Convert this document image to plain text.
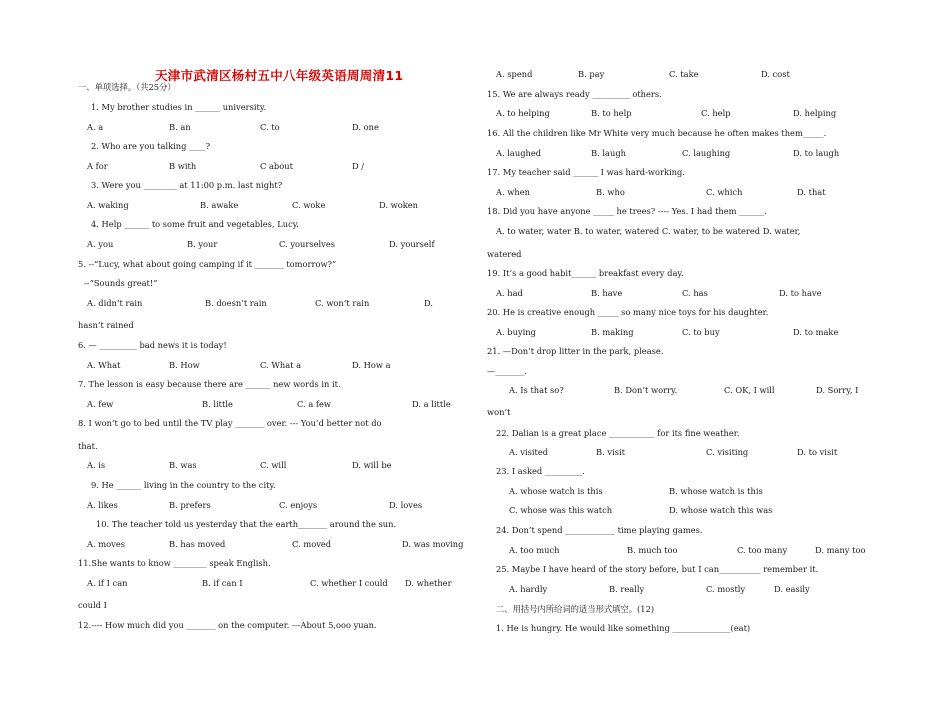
天津市武清区杨村五中八年级英语周周清11
一、单项选择。（共25分）
1. My brother studies in ______ university.
A. a	B. an	C. to	D. one
2. Who are you talking ____?
A for	B with	C about	D /
3. Were you ________ at 11:00 p.m. last night?
A. waking	B. awake	C. woke	D. woken
4. Help ______ to some fruit and vegetables, Lucy.
A. you	B. your	C. yourselves	D. yourself
5. --“Lucy, what about going camping if it _______ tomorrow?”
--“Sounds great!”
A. didn’t rain	B. doesn’t rain	C. won’t rain	D.
hasn’t rained
6. — _________ bad news it is today!
A. What	B. How	C. What a	D. How a
7. The lesson is easy because there are ______ new words in it.
A. few	B. little	C. a few	D. a little
8. I won’t go to bed until the TV play _______ over. --- You’d better not do
that.
A. is	B. was	C. will	D. will be
9. He ______ living in the country to the city.
A. likes	B. prefers	C. enjoys	D. loves
10. The teacher told us yesterday that the earth_______ around the sun.
A. moves	B. has moved	C. moved	D. was moving
11.She wants to know ________ speak English.
A. if I can	B. if can I	C. whether I could D. whether
could I
12.---- How much did you _______ on the computer. ---About 5,ooo yuan.
A. spend	B. pay	C. take	D. cost
15. We are always ready _________ others.
A. to helping	B. to help	C. help	D. helping
16. All the children like Mr White very much because he often makes them_____.
A. laughed	B. laugh	C. laughing	D. to laugh
17. My teacher said ______ I was hard-working.
A. when	B. who	C. which	D. that
18. Did you have anyone _____ he trees? ---- Yes. I had them ______.
A. to water, water B. to water, watered C. water, to be watered D. water,
watered
19. It’s a good habit______ breakfast every day.
A. had	B. have	C. has	D. to have
20. He is creative enough _____ so many nice toys for his daughter.
A. buying	B. making	C. to buy	D. to make
21. —Don’t drop litter in the park, please.
—_______.
A. Is that so?	B. Don’t worry.	C. OK, I will	D. Sorry, I
won’t
22. Dalian is a great place ___________ for its fine weather.
A. visited	B. visit	C. visiting	D. to visit
23. I asked _________.
A. whose watch is this	B. whose watch is this
C. whose was this watch	D. whose watch this was
24. Don’t spend ____________ time playing games.
A. too much	B. much too	C. too many	D. many too
25. Maybe I have heard of the story before, but I can__________ remember it.
A. hardly	B. really	C. mostly	D. easily
二、用括号内所给词的适当形式填空。(12)
1. He is hungry. He would like something ______________(eat)
